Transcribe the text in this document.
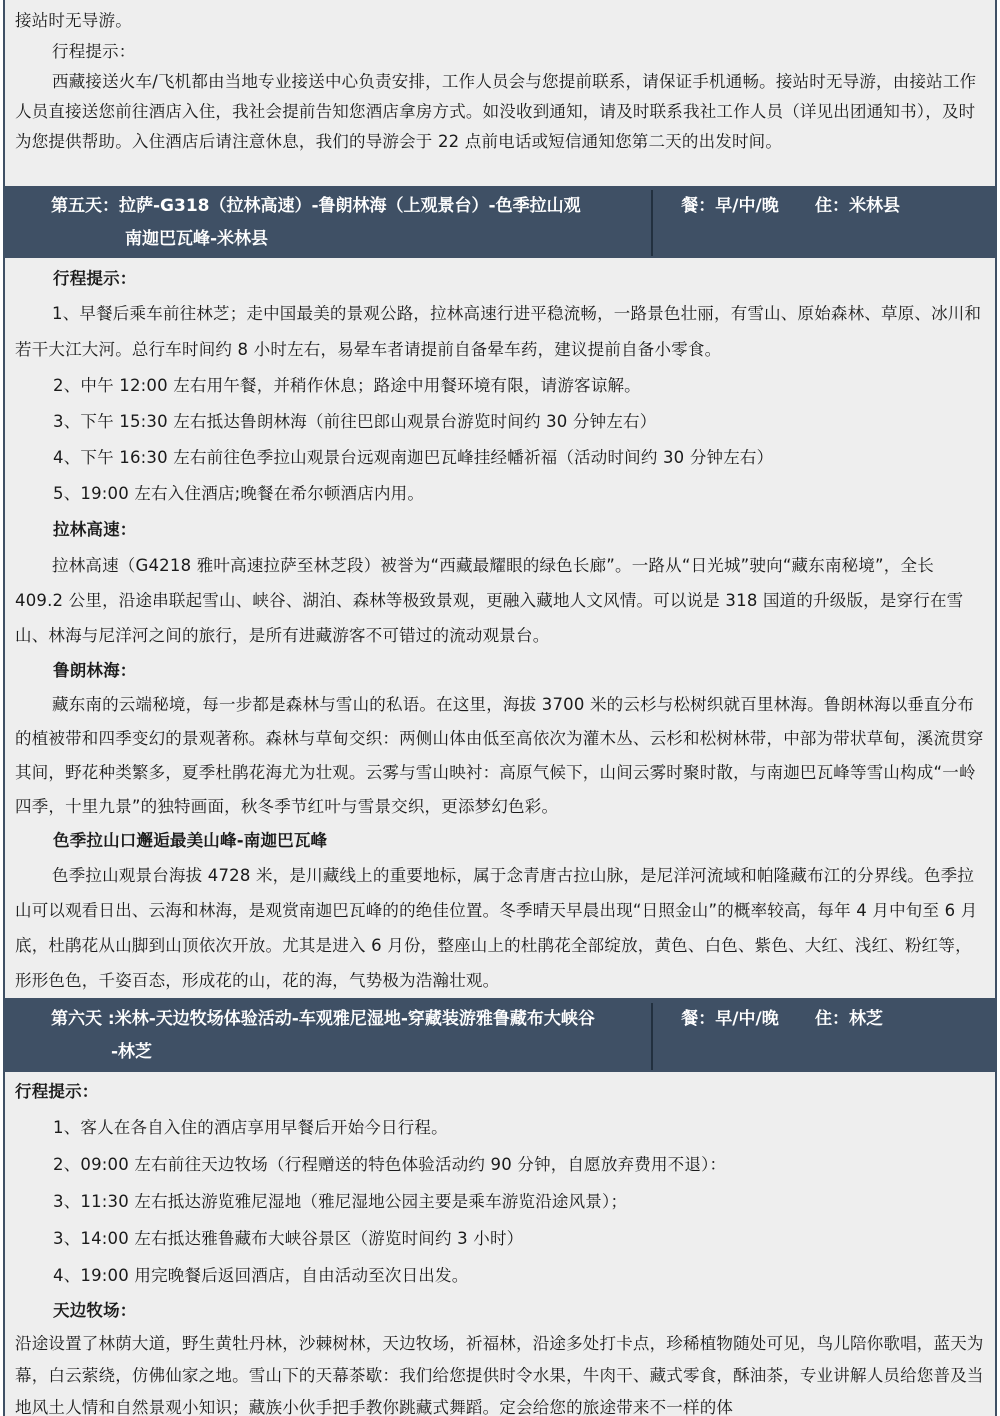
接站时无导游。

行程提示：

西藏接送火车/飞机都由当地专业接送中心负责安排，工作人员会与您提前联系，请保证手机通畅。接站时无导游，由接站工作人员直接送您前往酒店入住，我社会提前告知您酒店拿房方式。如没收到通知，请及时联系我社工作人员（详见出团通知书），及时为您提供帮助。入住酒店后请注意休息，我们的导游会于 22 点前电话或短信通知您第二天的出发时间。

第五天：拉萨-G318（拉林高速）-鲁朗林海（上观景台）-色季拉山观
南迦巴瓦峰-米林县
餐：早/中/晚	住：米林县

行程提示：

1、早餐后乘车前往林芝；走中国最美的景观公路，拉林高速行进平稳流畅，一路景色壮丽，有雪山、原始森林、草原、冰川和若干大江大河。总行车时间约 8 小时左右，易晕车者请提前自备晕车药，建议提前自备小零食。

2、中午 12:00 左右用午餐，并稍作休息；路途中用餐环境有限，请游客谅解。

3、下午 15:30 左右抵达鲁朗林海（前往巴郎山观景台游览时间约 30 分钟左右）

4、下午 16:30 左右前往色季拉山观景台远观南迦巴瓦峰挂经幡祈福（活动时间约 30 分钟左右）

5、19:00 左右入住酒店;晚餐在希尔顿酒店内用。

拉林高速：

拉林高速（G4218 雅叶高速拉萨至林芝段）被誉为“西藏最耀眼的绿色长廊”。一路从“日光城”驶向“藏东南秘境”，全长 409.2 公里，沿途串联起雪山、峡谷、湖泊、森林等极致景观，更融入藏地人文风情。可以说是 318 国道的升级版，是穿行在雪山、林海与尼洋河之间的旅行，是所有进藏游客不可错过的流动观景台。

鲁朗林海：

藏东南的云端秘境，每一步都是森林与雪山的私语。在这里，海拔 3700 米的云杉与松树织就百里林海。鲁朗林海以垂直分布的植被带和四季变幻的景观著称。森林与草甸交织：两侧山体由低至高依次为灌木丛、云杉和松树林带，中部为带状草甸，溪流贯穿其间，野花种类繁多，夏季杜鹃花海尤为壮观。云雾与雪山映衬：高原气候下，山间云雾时聚时散，与南迦巴瓦峰等雪山构成“一岭四季，十里九景”的独特画面，秋冬季节红叶与雪景交织，更添梦幻色彩。

色季拉山口邂逅最美山峰-南迦巴瓦峰

色季拉山观景台海拔 4728 米，是川藏线上的重要地标，属于念青唐古拉山脉，是尼洋河流域和帕隆藏布江的分界线。色季拉山可以观看日出、云海和林海，是观赏南迦巴瓦峰的的绝佳位置。冬季晴天早晨出现“日照金山”的概率较高，每年 4 月中旬至 6 月底，杜鹃花从山脚到山顶依次开放。尤其是进入 6 月份，整座山上的杜鹃花全部绽放，黄色、白色、紫色、大红、浅红、粉红等，形形色色，千姿百态，形成花的山，花的海，气势极为浩瀚壮观。

第六天 :米林-天边牧场体验活动-车观雅尼湿地-穿藏装游雅鲁藏布大峡谷
-林芝
餐：早/中/晚	住：林芝

行程提示：

1、客人在各自入住的酒店享用早餐后开始今日行程。

2、09:00 左右前往天边牧场（行程赠送的特色体验活动约 90 分钟，自愿放弃费用不退）：

3、11:30 左右抵达游览雅尼湿地（雅尼湿地公园主要是乘车游览沿途风景）；

3、14:00 左右抵达雅鲁藏布大峡谷景区（游览时间约 3 小时）

4、19:00 用完晚餐后返回酒店，自由活动至次日出发。

天边牧场：

沿途设置了林荫大道，野生黄牡丹林，沙棘树林，天边牧场，祈福林，沿途多处打卡点，珍稀植物随处可见，鸟儿陪你歌唱，蓝天为幕，白云萦绕，仿佛仙家之地。雪山下的天幕茶歇：我们给您提供时令水果，牛肉干、藏式零食，酥油茶，专业讲解人员给您普及当地风土人情和自然景观小知识；藏族小伙手把手教你跳藏式舞蹈。定会给您的旅途带来不一样的体
